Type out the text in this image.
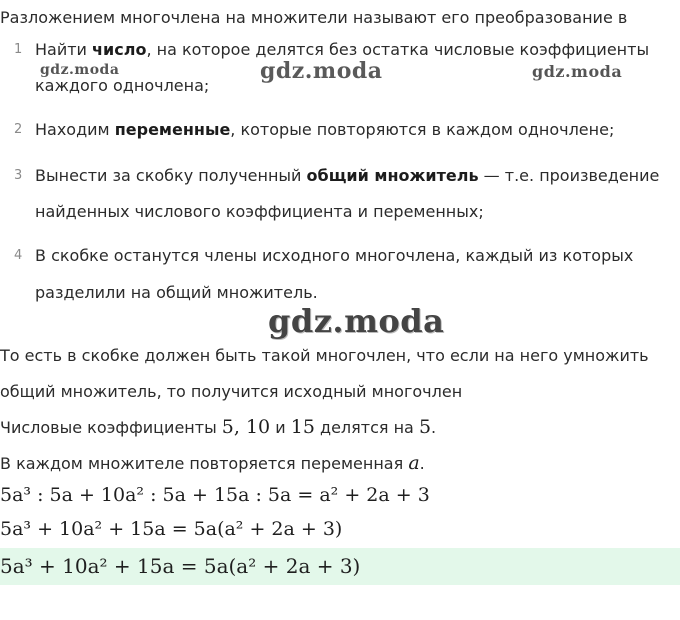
Разложением многочлена на множители называют его преобразование в
1 Найти число, на которое делятся без остатка числовые коэффициенты
каждого одночлена;
2 Находим переменные, которые повторяются в каждом одночлене;
3 Вынести за скобку полученный общий множитель — т.е. произведение
найденных числового коэффициента и переменных;
4 В скобке останутся члены исходного многочлена, каждый из которых
разделили на общий множитель.
То есть в скобке должен быть такой многочлен, что если на него умножить
общий множитель, то получится исходный многочлен
Числовые коэффициенты 5, 10 и 15 делятся на 5.
В каждом множителе повторяется переменная a.
5a³ : 5a + 10a² : 5a + 15a : 5a = a² + 2a + 3
5a³ + 10a² + 15a = 5a(a² + 2a + 3)
5a³ + 10a² + 15a = 5a(a² + 2a + 3)
gdz.moda	gdz.moda	gdz.moda
gdz.moda
